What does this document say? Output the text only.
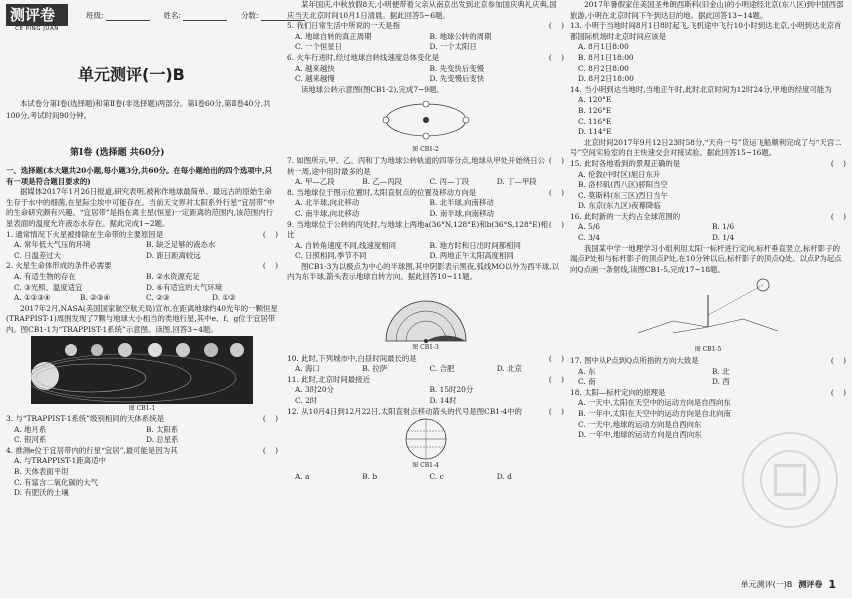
测评卷
CE PING JUAN
班级:	姓名:	分数:
单元测评(一)B

本试卷分第Ⅰ卷(选择题)和第Ⅱ卷(非选择题)两部分。第Ⅰ卷60分,第Ⅱ卷40分,共100分,考试时间90分钟。

第Ⅰ卷 (选择题 共60分)

一、选择题(本大题共20小题,每小题3分,共60分。在每小题给出的四个选项中,只有一项是符合题目要求的)

据媒体2017年1月26日报道,研究表明,被称作地球最简单、最远古的原始生命生存于水中的细菌,在星际尘埃中可能存在。当前天文界对太阳系外行星“宜居带”中的生命研究颇有兴趣。“宜居带”是指在离主星(恒星)一定距离的范围内,该范围内行星表面的温度允许液态水存在。据此完成1~2题。

1. 通常情况下火星被排除在生命带的主要原因是	(    )
A. 常年低大气压的环境	B. 缺乏足够的液态水
C. 日温差过大	D. 距日距离较远

2. 火星生命体形成的条件必需要	(    )
A. 有适生物的存在	B. ②水资源充足
C. ③光照、温度适宜	D. ④有适宜的大气环境
A. ①②③④	B. ②③④	C. ②③	D. ①②

2017年2月,NASA(美国国家航空航天局)宣布,在距离地球约40光年的一颗恒星(TRAPPIST-1)周围发现了7颗与地球大小相当的类地行星,其中e、f、g位于宜居带内。图CB1-1为“TRAPPIST-1系统”示意图。读图,回答3~4题。

图 CB1-1

3. 与“TRAPPIST-1系统”级别相同的天体系统是	(    )
A. 地月系	B. 太阳系
C. 银河系	D. 总星系

4. 推测e位于宜居带内的行星“宜居”,最可能是因为其	(    )
A. 与TRAPPIST-1距离适中
B. 天体表面平坦
C. 有富含二氧化碳的大气
D. 有肥沃的土壤

某年国庆,中秋放假8天,小明便带着父亲从南京出发到北京参加国庆典礼庆典,国庆当天北京时间10月1日清晨。据此回答5~6题。

5. 我们日常生活中所说的一天是指	(    )
A. 地球自转的真正周期	B. 地球公转的周期
C. 一个恒星日	D. 一个太阳日

6. 火车行进时,经过地球自转线速度总体变化是	(    )
A. 越来越快	B. 先变快后变慢
C. 越来越慢	D. 先变慢后变快

读地球公转示意图(图CB1-2),完成7~9题。

图 CB1-2

7. 如图所示,甲、乙、丙和丁为地球公转轨道的四等分点,地球从甲处开始绕日公转一周,途中用时最多的是

(    )
A. 甲—乙段	B. 乙—丙段	C. 丙—丁段	D. 丁—甲段

8. 当地球位于图示位置时,太阳直射点的位置及移动方向是	(    )
A. 北半球,向北移动	B. 北半球,向南移动
C. 南半球,向北移动	D. 南半球,向南移动

9. 当地球位于公转的丙处时,与地球上两地a(36°N,128°E)和b(36°S,128°E)相比

(    )
A. 自转角速度不同,线速度相同	B. 地方时和日出时间都相同
C. 日照相同,季节不同	D. 两地正午太阳高度相同

图CB1-3为以极点为中心的半球图,其中阴影表示黑夜,弧线MO以外为西半球,以内为东半球,箭头表示地球自转方向。据此回答10~11题。

图 CB1-3

10. 此时,下列城市中,白昼时间最长的是	(    )
A. 海口	B. 拉萨	C. 合肥	D. 北京

11. 此时,北京时间最接近	(    )
A. 3时20分	B. 15时20分
C. 2时	D. 14时

12. 从10月4日到12月22日,太阳直射点移动箭头的代号是图CB1-4中的	(    )
图 CB1-4
A. a	B. b	C. c	D. d

2017年暑假家住美国圣弗朗西斯科(旧金山)的小明途经北京(东八区)到中国西部旅游,小明在北京时间下午到达目的地。据此回答13~14题。

13. 小明于当地时间8月1日8时起飞,飞机途中飞行10小时到达北京,小明到达北京首都国际机场时北京时间应该是

A. 8月1日8:00
B. 8月1日18:00
C. 8月2日8:00
D. 8月2日18:00

14. 当小明到达当地时,当地正午时,此时北京时间为12时24分,甲地的经度可能为

A. 120°E
B. 126°E
C. 116°E
D. 114°E

北京时间2017年9月12日23时58分,“天舟一号”货运飞船顺利完成了与“天宫二号”空间实验室的自主快速交会对接试验。据此回答15~16题。

15. 此时各地看到的景观正确的是	(    )
A. 伦敦(中时区)旭日东升
B. 洛杉矶(西八区)骄阳当空
C. 莫斯科(东三区)烈日当午
D. 东京(东九区)夜幕降临

16. 此时新的一天约占全球范围的	(    )
A. 5/6	B. 1/6
C. 3/4	D. 1/4

我国某中学一地理学习小组利用太阳一标杆进行定向,标杆垂直竖立,标杆影子的端点P处和与标杆影子的顶点P处,在10分钟以后,标杆影子的顶点Q处。以点P为起点向Q点画一条射线,读图CB1-5,完成17~18题。

图 CB1-5

17. 图中从P点到Q点所指的方向大致是	(    )
A. 东	B. 北
C. 南	D. 西

18. 太阳—标杆定向的原理是	(    )
A. 一天中,太阳在天空中的运动方向是自西向东
B. 一年中,太阳在天空中的运动方向是自北向南
C. 一天中,地球的运动方向是自西向东
D. 一年中,地球的运动方向是自西向东
单元测评(一)B 测评卷 1
